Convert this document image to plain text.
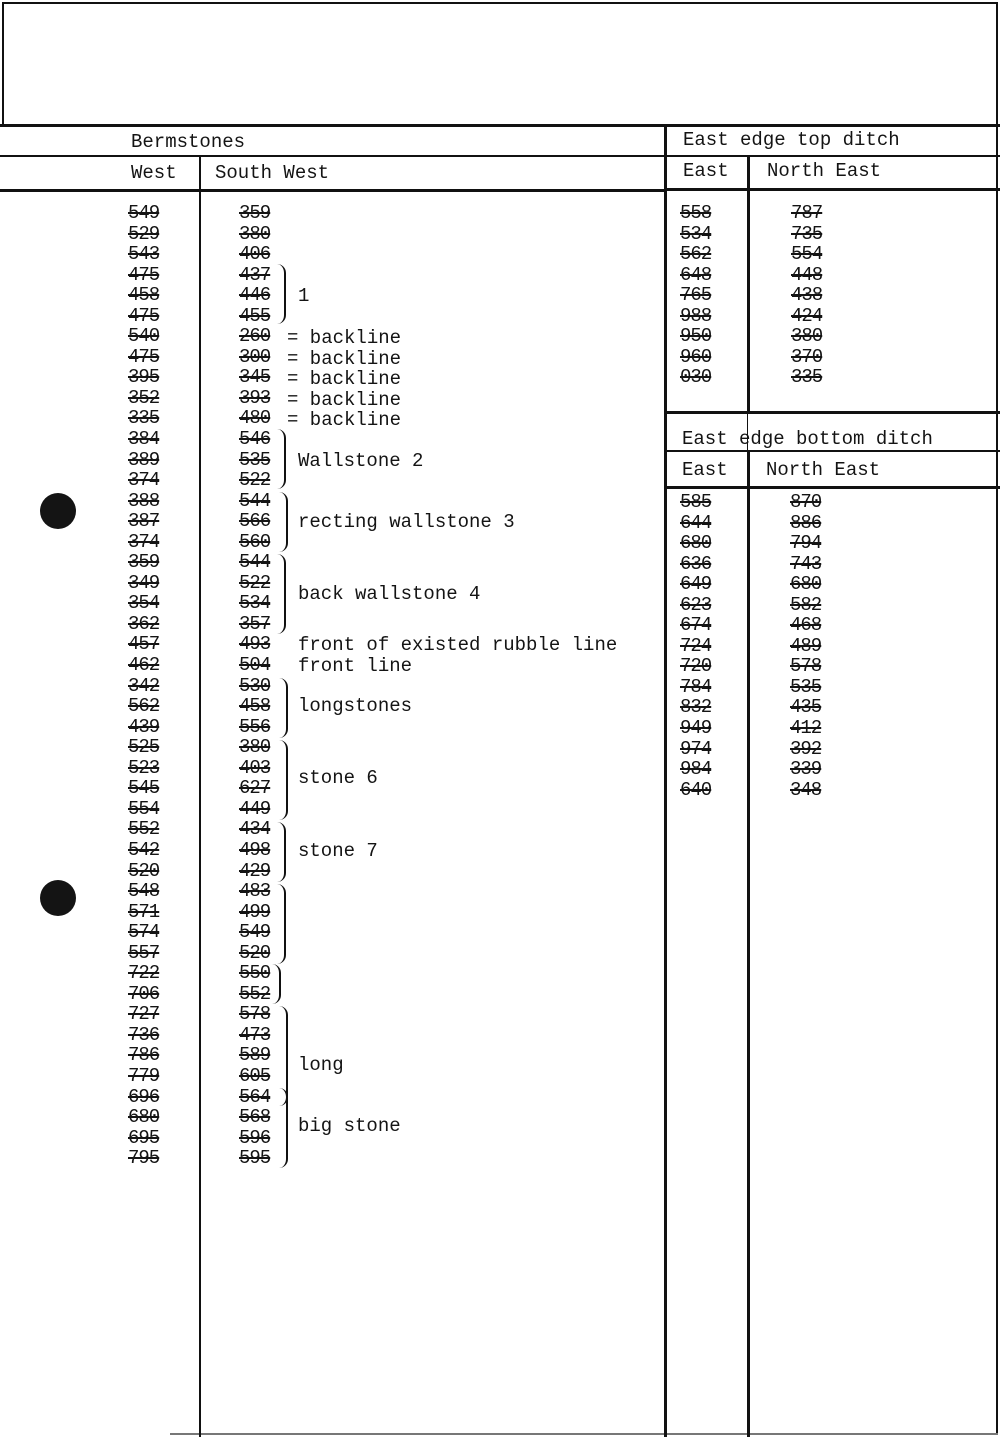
Bermstones
West South West
East edge top ditch
East North East
East edge bottom ditch
East North East
549
529
543
475
458
475
540
475
395
352
335
384
389
374
388
387
374
359
349
354
362
457
462
342
562
439
525
523
545
554
552
542
520
548
571
574
557
722
706
727
736
786
779
696
680
695
795
359
380
406
437
446
455
260
300
345
393
480
546
535
522
544
566
560
544
522
534
357
493
504
530
458
556
380
403
627
449
434
498
429
483
499
549
520
550
552
578
473
589
605
564
568
596
595
1
= backline
= backline
= backline
= backline
= backline
Wallstone 2
recting wallstone 3
back wallstone 4
front of existed rubble line
front line
longstones
stone 6
stone 7
long
big stone
558
534
562
648
765
988
950
960
030
787
735
554
448
438
424
380
370
335
585
644
680
636
649
623
674
724
720
784
832
949
974
984
640
870
886
794
743
680
582
468
489
578
535
435
412
392
339
348
